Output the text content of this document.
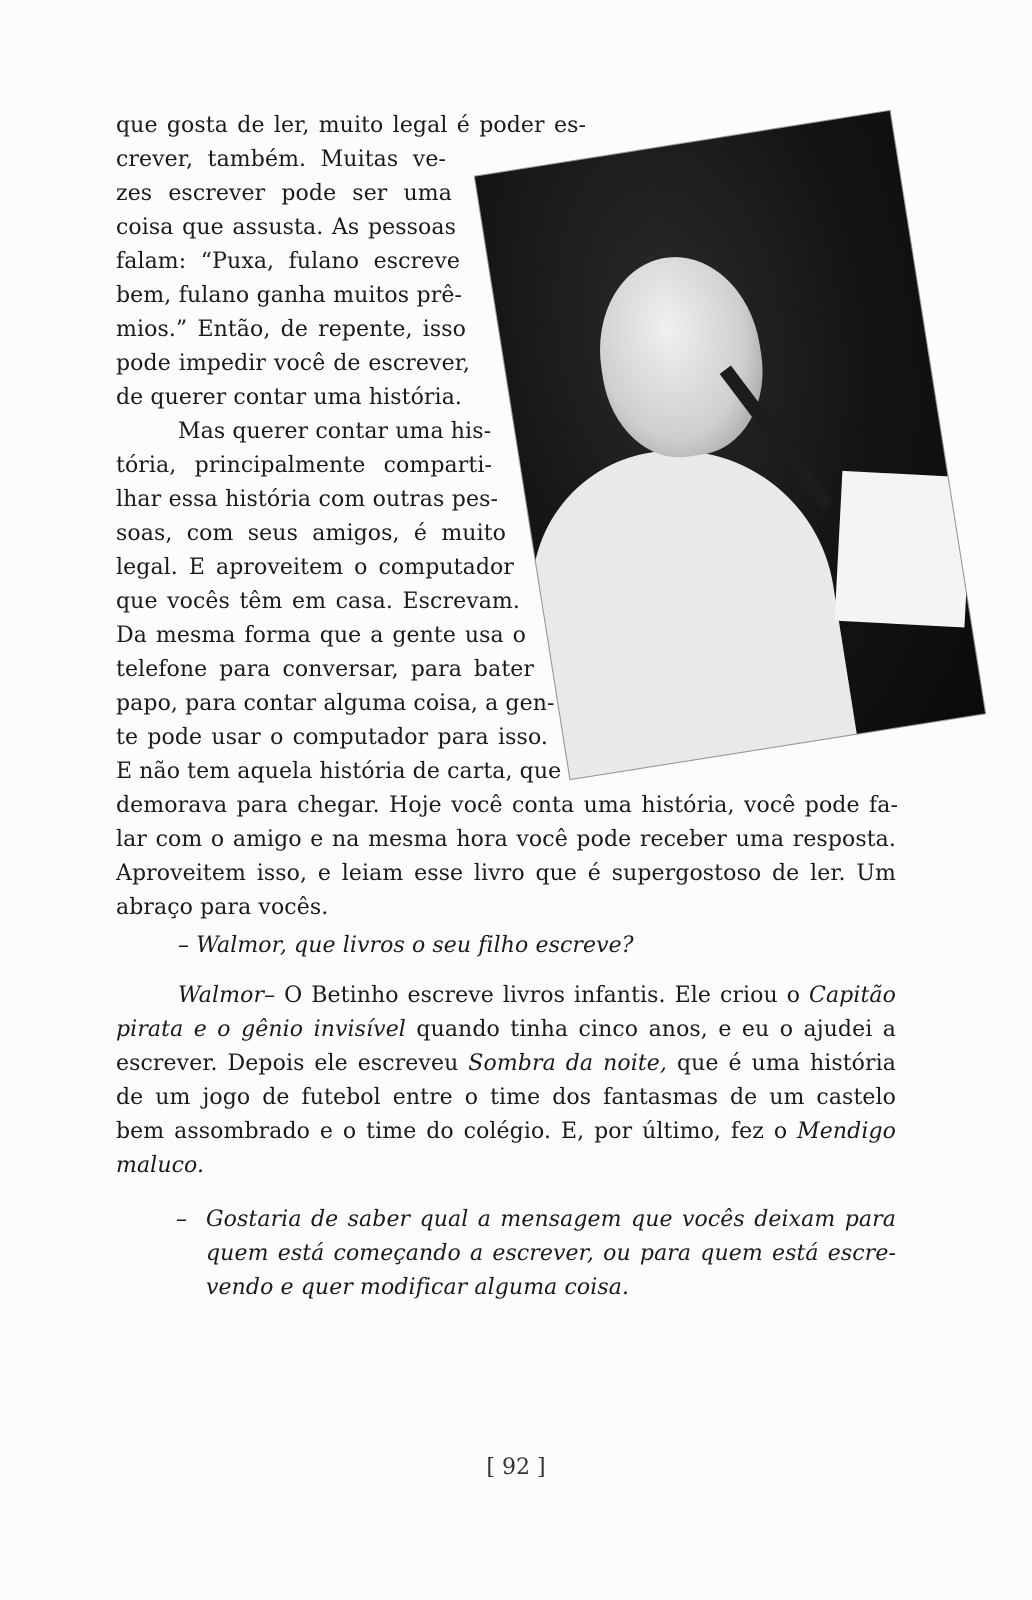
que gosta de ler, muito legal é poder es-
crever, também. Muitas ve-
zes escrever pode ser uma
coisa que assusta. As pessoas
falam: “Puxa, fulano escreve
bem, fulano ganha muitos prê-
mios.” Então, de repente, isso
pode impedir você de escrever,
de querer contar uma história.
Mas querer contar uma his-
tória, principalmente comparti-
lhar essa história com outras pes-
soas, com seus amigos, é muito
legal. E aproveitem o computador
que vocês têm em casa. Escrevam.
Da mesma forma que a gente usa o
telefone para conversar, para bater
papo, para contar alguma coisa, a gen-
te pode usar o computador para isso.
E não tem aquela história de carta, que
demorava para chegar. Hoje você conta uma história, você pode fa-
lar com o amigo e na mesma hora você pode receber uma resposta.
Aproveitem isso, e leiam esse livro que é supergostoso de ler. Um
abraço para vocês.
– Walmor, que livros o seu filho escreve?
Walmor– O Betinho escreve livros infantis. Ele criou o Capitão
pirata e o gênio invisível quando tinha cinco anos, e eu o ajudei a
escrever. Depois ele escreveu Sombra da noite, que é uma história
de um jogo de futebol entre o time dos fantasmas de um castelo
bem assombrado e o time do colégio. E, por último, fez o Mendigo
maluco.
– Gostaria de saber qual a mensagem que vocês deixam para
quem está começando a escrever, ou para quem está escre-
vendo e quer modificar alguma coisa.
[ 92 ]
